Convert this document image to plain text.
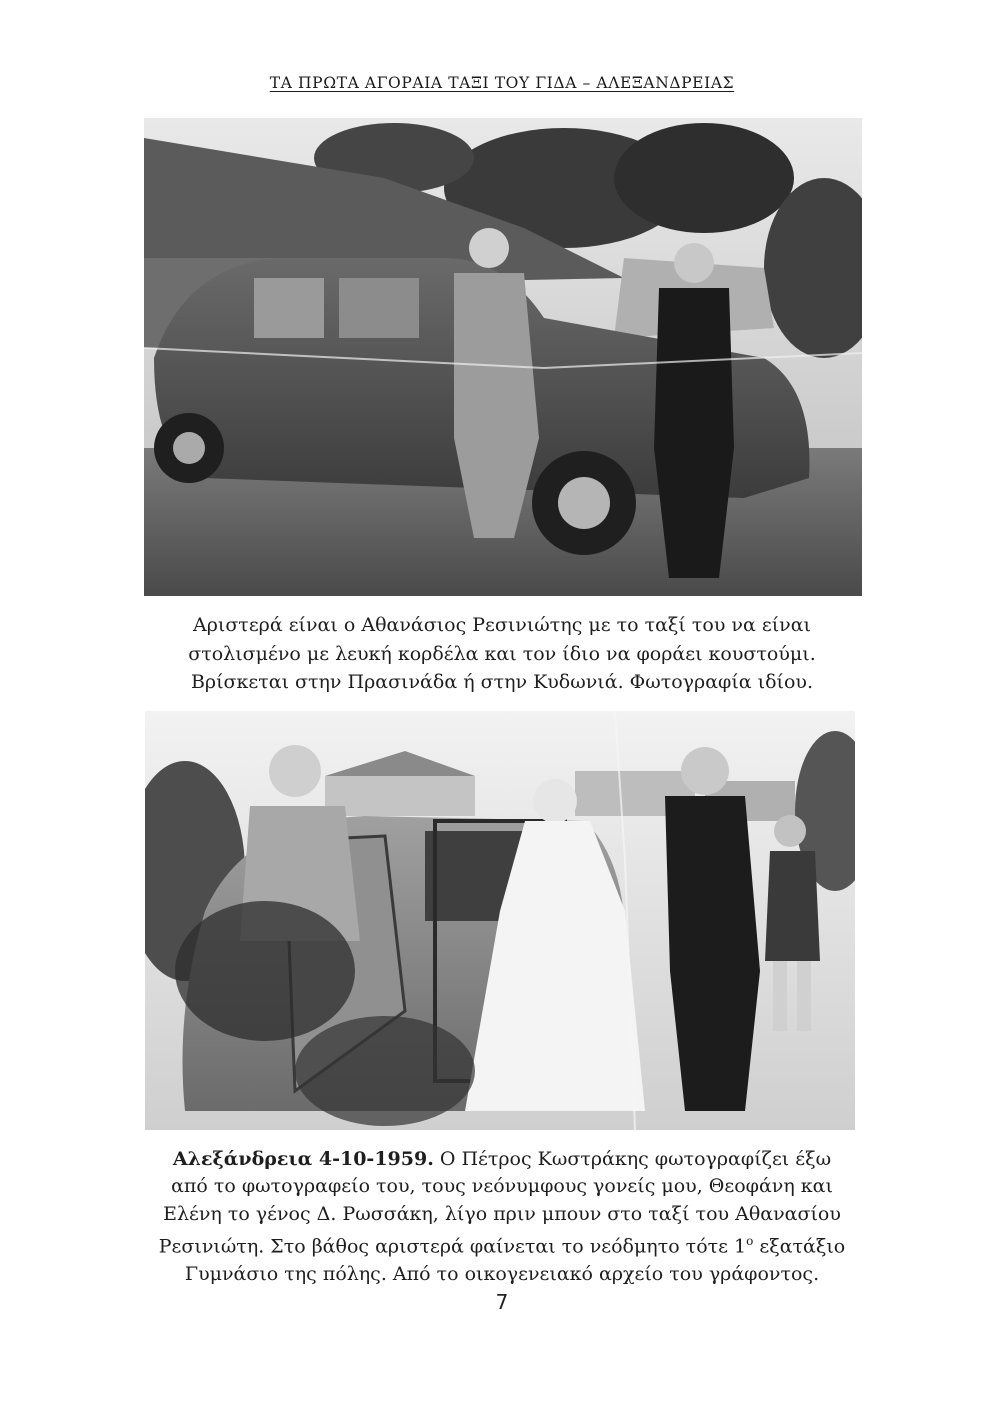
ΤΑ ΠΡΩΤΑ ΑΓΟΡΑΙΑ ΤΑΞΙ ΤΟΥ ΓΙΔΑ – ΑΛΕΞΑΝΔΡΕΙΑΣ
Αριστερά είναι ο Αθανάσιος Ρεσινιώτης με το ταξί του να είναι
στολισμένο με λευκή κορδέλα και τον ίδιο να φοράει κουστούμι.
Βρίσκεται στην Πρασινάδα ή στην Κυδωνιά. Φωτογραφία ιδίου.
Αλεξάνδρεια 4-10-1959. Ο Πέτρος Κωστράκης φωτογραφίζει έξω
από το φωτογραφείο του, τους νεόνυμφους γονείς μου, Θεοφάνη και
Ελένη το γένος Δ. Ρωσσάκη, λίγο πριν μπουν στο ταξί του Αθανασίου
Ρεσινιώτη. Στο βάθος αριστερά φαίνεται το νεόδμητο τότε $1^o$ εξατάξιο
Γυμνάσιο της πόλης. Από το οικογενειακό αρχείο του γράφοντος.
7
